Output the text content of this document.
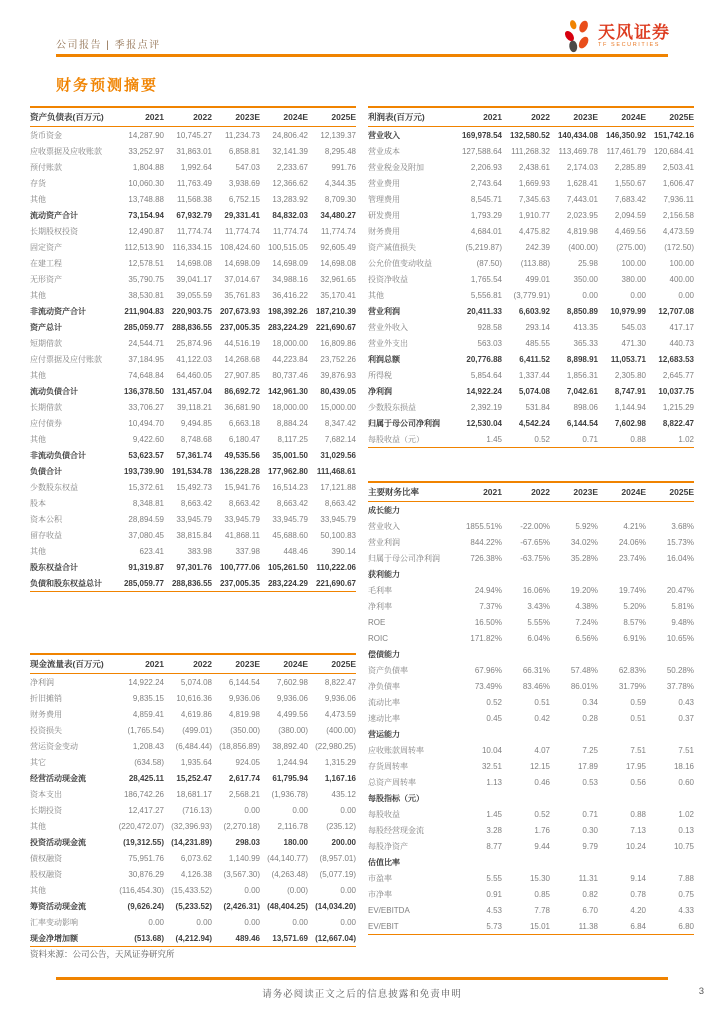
公司报告 | 季报点评
天风证券
TF SECURITIES
财务预测摘要
资产负债表(百万元)	2021	2022	2023E	2024E	2025E
货币资金	14,287.90	10,745.27	11,234.73	24,806.42	12,139.37
应收票据及应收账款	33,252.97	31,863.01	6,858.81	32,141.39	8,295.48
预付账款	1,804.88	1,992.64	547.03	2,233.67	991.76
存货	10,060.30	11,763.49	3,938.69	12,366.62	4,344.35
其他	13,748.88	11,568.38	6,752.15	13,283.92	8,709.30
流动资产合计	73,154.94	67,932.79	29,331.41	84,832.03	34,480.27
长期股权投资	12,490.87	11,774.74	11,774.74	11,774.74	11,774.74
固定资产	112,513.90	116,334.15	108,424.60	100,515.05	92,605.49
在建工程	12,578.51	14,698.08	14,698.09	14,698.09	14,698.08
无形资产	35,790.75	39,041.17	37,014.67	34,988.16	32,961.65
其他	38,530.81	39,055.59	35,761.83	36,416.22	35,170.41
非流动资产合计	211,904.83	220,903.75	207,673.93	198,392.26	187,210.39
资产总计	285,059.77	288,836.55	237,005.35	283,224.29	221,690.67
短期借款	24,544.71	25,874.96	44,516.19	18,000.00	16,809.86
应付票据及应付账款	37,184.95	41,122.03	14,268.68	44,223.84	23,752.26
其他	74,648.84	64,460.05	27,907.85	80,737.46	39,876.93
流动负债合计	136,378.50	131,457.04	86,692.72	142,961.30	80,439.05
长期借款	33,706.27	39,118.21	36,681.90	18,000.00	15,000.00
应付债券	10,494.70	9,494.85	6,663.18	8,884.24	8,347.42
其他	9,422.60	8,748.68	6,180.47	8,117.25	7,682.14
非流动负债合计	53,623.57	57,361.74	49,535.56	35,001.50	31,029.56
负债合计	193,739.90	191,534.78	136,228.28	177,962.80	111,468.61
少数股东权益	15,372.61	15,492.73	15,941.76	16,514.23	17,121.88
股本	8,348.81	8,663.42	8,663.42	8,663.42	8,663.42
资本公积	28,894.59	33,945.79	33,945.79	33,945.79	33,945.79
留存收益	37,080.45	38,815.84	41,868.11	45,688.60	50,100.83
其他	623.41	383.98	337.98	448.46	390.14
股东权益合计	91,319.87	97,301.76	100,777.06	105,261.50	110,222.06
负债和股东权益总计	285,059.77	288,836.55	237,005.35	283,224.29	221,690.67
利润表(百万元)	2021	2022	2023E	2024E	2025E
营业收入	169,978.54	132,580.52	140,434.08	146,350.92	151,742.16
营业成本	127,588.64	111,268.32	113,469.78	117,461.79	120,684.41
营业税金及附加	2,206.93	2,438.61	2,174.03	2,285.89	2,503.41
营业费用	2,743.64	1,669.93	1,628.41	1,550.67	1,606.47
管理费用	8,545.71	7,345.63	7,443.01	7,683.42	7,936.11
研发费用	1,793.29	1,910.77	2,023.95	2,094.59	2,156.58
财务费用	4,684.01	4,475.82	4,819.98	4,469.56	4,473.59
资产减值损失	(5,219.87)	242.39	(400.00)	(275.00)	(172.50)
公允价值变动收益	(87.50)	(113.88)	25.98	100.00	100.00
投资净收益	1,765.54	499.01	350.00	380.00	400.00
其他	5,556.81	(3,779.91)	0.00	0.00	0.00
营业利润	20,411.33	6,603.92	8,850.89	10,979.99	12,707.08
营业外收入	928.58	293.14	413.35	545.03	417.17
营业外支出	563.03	485.55	365.33	471.30	440.73
利润总额	20,776.88	6,411.52	8,898.91	11,053.71	12,683.53
所得税	5,854.64	1,337.44	1,856.31	2,305.80	2,645.77
净利润	14,922.24	5,074.08	7,042.61	8,747.91	10,037.75
少数股东损益	2,392.19	531.84	898.06	1,144.94	1,215.29
归属于母公司净利润	12,530.04	4,542.24	6,144.54	7,602.98	8,822.47
每股收益（元）	1.45	0.52	0.71	0.88	1.02
主要财务比率	2021	2022	2023E	2024E	2025E
成长能力					
营业收入	1855.51%	-22.00%	5.92%	4.21%	3.68%
营业利润	844.22%	-67.65%	34.02%	24.06%	15.73%
归属于母公司净利润	726.38%	-63.75%	35.28%	23.74%	16.04%
获利能力					
毛利率	24.94%	16.06%	19.20%	19.74%	20.47%
净利率	7.37%	3.43%	4.38%	5.20%	5.81%
ROE	16.50%	5.55%	7.24%	8.57%	9.48%
ROIC	171.82%	6.04%	6.56%	6.91%	10.65%
偿债能力					
资产负债率	67.96%	66.31%	57.48%	62.83%	50.28%
净负债率	73.49%	83.46%	86.01%	31.79%	37.78%
流动比率	0.52	0.51	0.34	0.59	0.43
速动比率	0.45	0.42	0.28	0.51	0.37
营运能力					
应收账款周转率	10.04	4.07	7.25	7.51	7.51
存货周转率	32.51	12.15	17.89	17.95	18.16
总资产周转率	1.13	0.46	0.53	0.56	0.60
每股指标（元）					
每股收益	1.45	0.52	0.71	0.88	1.02
每股经营现金流	3.28	1.76	0.30	7.13	0.13
每股净资产	8.77	9.44	9.79	10.24	10.75
估值比率					
市盈率	5.55	15.30	11.31	9.14	7.88
市净率	0.91	0.85	0.82	0.78	0.75
EV/EBITDA	4.53	7.78	6.70	4.20	4.33
EV/EBIT	5.73	15.01	11.38	6.84	6.80
现金流量表(百万元)	2021	2022	2023E	2024E	2025E
净利润	14,922.24	5,074.08	6,144.54	7,602.98	8,822.47
折旧摊销	9,835.15	10,616.36	9,936.06	9,936.06	9,936.06
财务费用	4,859.41	4,619.86	4,819.98	4,499.56	4,473.59
投资损失	(1,765.54)	(499.01)	(350.00)	(380.00)	(400.00)
营运资金变动	1,208.43	(6,484.44)	(18,856.89)	38,892.40	(22,980.25)
其它	(634.58)	1,935.64	924.05	1,244.94	1,315.29
经营活动现金流	28,425.11	15,252.47	2,617.74	61,795.94	1,167.16
资本支出	186,742.26	18,681.17	2,568.21	(1,936.78)	435.12
长期投资	12,417.27	(716.13)	0.00	0.00	0.00
其他	(220,472.07)	(32,396.93)	(2,270.18)	2,116.78	(235.12)
投资活动现金流	(19,312.55)	(14,231.89)	298.03	180.00	200.00
债权融资	75,951.76	6,073.62	1,140.99	(44,140.77)	(8,957.01)
股权融资	30,876.29	4,126.38	(3,567.30)	(4,263.48)	(5,077.19)
其他	(116,454.30)	(15,433.52)	0.00	(0.00)	0.00
筹资活动现金流	(9,626.24)	(5,233.52)	(2,426.31)	(48,404.25)	(14,034.20)
汇率变动影响	0.00	0.00	0.00	0.00	0.00
现金净增加额	(513.68)	(4,212.94)	489.46	13,571.69	(12,667.04)
资料来源：公司公告，天风证券研究所
请务必阅读正文之后的信息披露和免责申明	3
